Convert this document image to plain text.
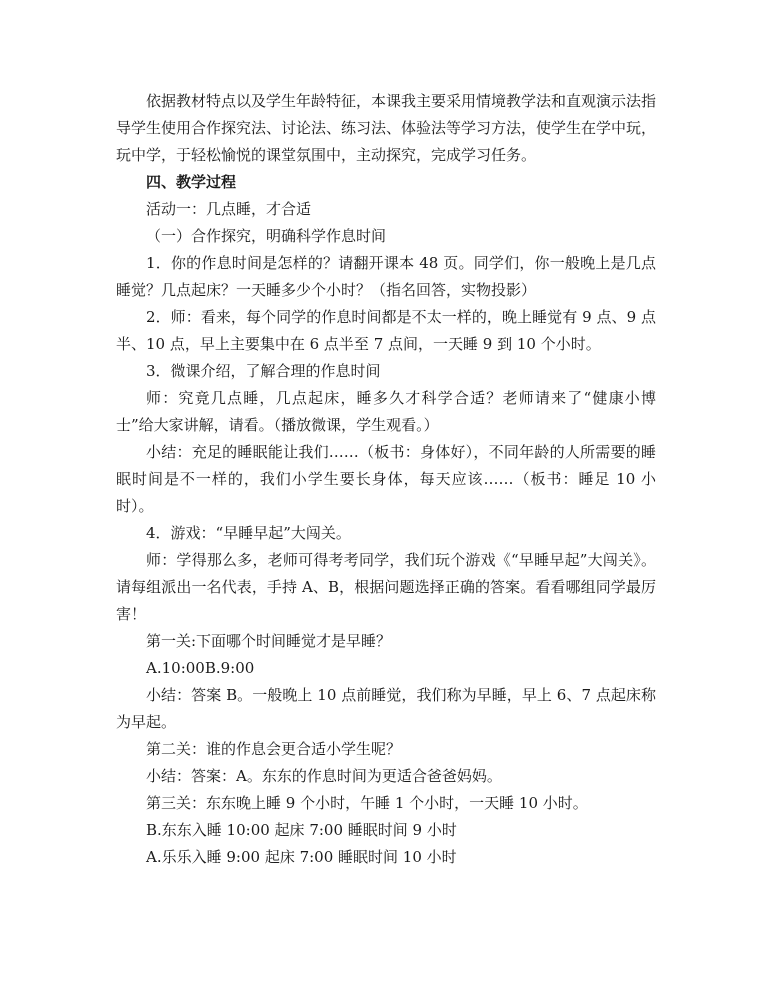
依据教材特点以及学生年龄特征，本课我主要采用情境教学法和直观演示法指导学生使用合作探究法、讨论法、练习法、体验法等学习方法，使学生在学中玩，玩中学，于轻松愉悦的课堂氛围中，主动探究，完成学习任务。

四、教学过程

活动一：几点睡，才合适

（一）合作探究，明确科学作息时间

1．你的作息时间是怎样的？请翻开课本 48 页。同学们，你一般晚上是几点睡觉？几点起床？一天睡多少个小时？（指名回答，实物投影）

2．师：看来，每个同学的作息时间都是不太一样的，晚上睡觉有 9 点、9 点半、10 点，早上主要集中在 6 点半至 7 点间，一天睡 9 到 10 个小时。

3．微课介绍，了解合理的作息时间

师：究竟几点睡，几点起床，睡多久才科学合适？老师请来了“健康小博士”给大家讲解，请看。（播放微课，学生观看。）

小结：充足的睡眠能让我们……（板书：身体好），不同年龄的人所需要的睡眠时间是不一样的，我们小学生要长身体，每天应该……（板书：睡足 10 小时）。

4．游戏：“早睡早起”大闯关。

师：学得那么多，老师可得考考同学，我们玩个游戏《“早睡早起”大闯关》。请每组派出一名代表，手持 A、B，根据问题选择正确的答案。看看哪组同学最厉害！

第一关:下面哪个时间睡觉才是早睡？

A.10:00B.9:00

小结：答案 B。一般晚上 10 点前睡觉，我们称为早睡，早上 6、7 点起床称为早起。

第二关：谁的作息会更合适小学生呢？

小结：答案：A。东东的作息时间为更适合爸爸妈妈。

第三关：东东晚上睡 9 个小时，午睡 1 个小时，一天睡 10 小时。

B.东东入睡 10:00 起床 7:00 睡眠时间 9 小时

A.乐乐入睡 9:00 起床 7:00 睡眠时间 10 小时
